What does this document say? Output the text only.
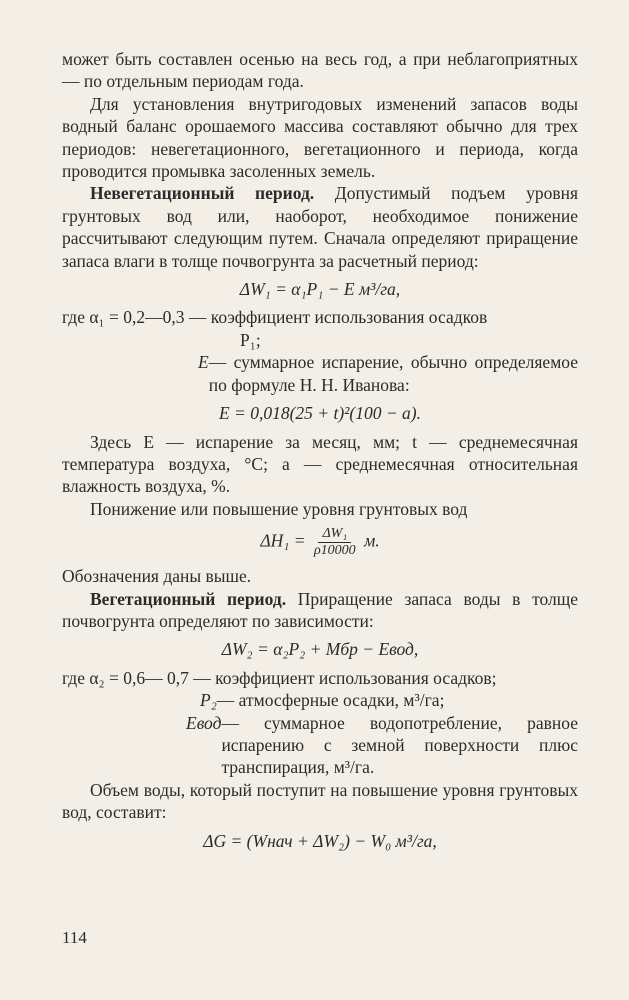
может быть составлен осенью на весь год, а при неблагоприятных — по отдельным периодам года.

Для установления внутригодовых изменений запасов воды водный баланс орошаемого массива составляют обычно для трех периодов: невегетационного, вегетационного и периода, когда проводится промывка засоленных земель.

Невегетационный период. Допустимый подъем уровня грунтовых вод или, наоборот, необходимое понижение рассчитывают следующим путем. Сначала определяют приращение запаса влаги в толще почвогрунта за расчетный период:

ΔW₁ = α₁P₁ − E м³/га,

где α₁ = 0,2—0,3 — коэффициент использования осадков

P₁;

E — суммарное испарение, обычно определяемое по формуле Н. Н. Иванова:
E = 0,018(25 + t)²(100 − a).

Здесь E — испарение за месяц, мм; t — среднемесячная температура воздуха, °С; a — среднемесячная относительная влажность воздуха, %.

Понижение или повышение уровня грунтовых вод

$\Delta H_1 = \frac{\text{ΔW₁}}{\rho 10000} м$.

Обозначения даны выше.

Вегетационный период. Приращение запаса воды в толще почвогрунта определяют по зависимости:

ΔW₂ = α₂P₂ + Mбр − Eвод,

где α₂ = 0,6— 0,7 — коэффициент использования осадков;

P₂ — атмосферные осадки, м³/га;
Eвод — суммарное водопотребление, равное испарению с земной поверхности плюс транспирация, м³/га.

Объем воды, который поступит на повышение уровня грунтовых вод, составит:

ΔG = (Wнач + ΔW₂) − W₀ м³/га,
114
